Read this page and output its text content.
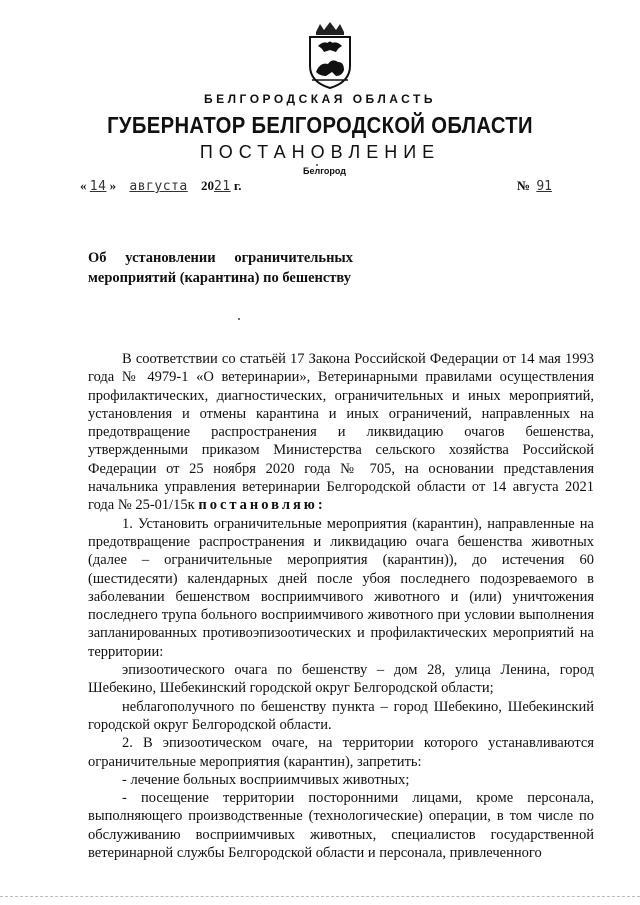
БЕЛГОРОДСКАЯ ОБЛАСТЬ
ГУБЕРНАТОР БЕЛГОРОДСКОЙ ОБЛАСТИ
ПОСТАНОВЛЕНИЕ
Белгород
« 14 » августа 2021 г.	№ 91
Об установлении ограничительных
мероприятий (карантина) по бешенству

В соответствии со статьёй 17 Закона Российской Федерации от 14 мая 1993 года № 4979-1 «О ветеринарии», Ветеринарными правилами осуществления профилактических, диагностических, ограничительных и иных мероприятий, установления и отмены карантина и иных ограничений, направленных на предотвращение распространения и ликвидацию очагов бешенства, утвержденными приказом Министерства сельского хозяйства Российской Федерации от 25 ноября 2020 года № 705, на основании представления начальника управления ветеринарии Белгородской области от 14 августа 2021 года № 25-01/15к постановляю:

1. Установить ограничительные мероприятия (карантин), направленные на предотвращение распространения и ликвидацию очага бешенства животных (далее – ограничительные мероприятия (карантин)), до истечения 60 (шестидесяти) календарных дней после убоя последнего подозреваемого в заболевании бешенством восприимчивого животного и (или) уничтожения последнего трупа больного восприимчивого животного при условии выполнения запланированных противоэпизоотических и профилактических мероприятий на территории:

эпизоотического очага по бешенству – дом 28, улица Ленина, город Шебекино, Шебекинский городской округ Белгородской области;

неблагополучного по бешенству пункта – город Шебекино, Шебекинский городской округ Белгородской области.

2. В эпизоотическом очаге, на территории которого устанавливаются ограничительные мероприятия (карантин), запретить:

- лечение больных восприимчивых животных;

- посещение территории посторонними лицами, кроме персонала, выполняющего производственные (технологические) операции, в том числе по обслуживанию восприимчивых животных, специалистов государственной ветеринарной службы Белгородской области и персонала, привлеченного
